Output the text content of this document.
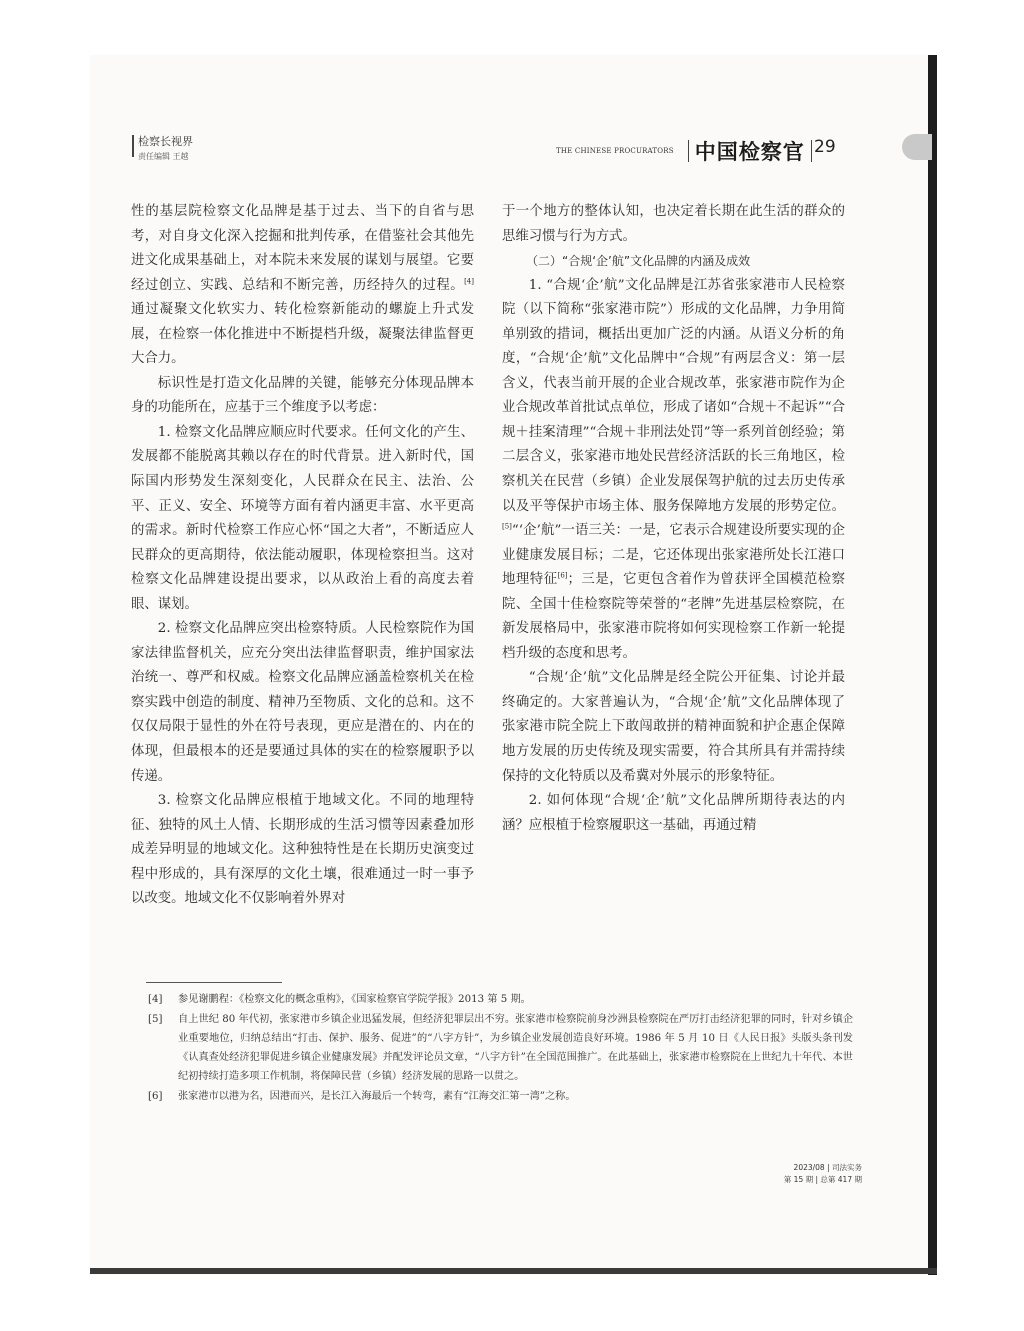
检察长视界
责任编辑 王越
THE CHINESE PROCURATORS 中国检察官 29

性的基层院检察文化品牌是基于过去、当下的自省与思考，对自身文化深入挖掘和批判传承，在借鉴社会其他先进文化成果基础上，对本院未来发展的谋划与展望。它要经过创立、实践、总结和不断完善，历经持久的过程。[4] 通过凝聚文化软实力、转化检察新能动的螺旋上升式发展，在检察一体化推进中不断提档升级，凝聚法律监督更大合力。

标识性是打造文化品牌的关键，能够充分体现品牌本身的功能所在，应基于三个维度予以考虑：

1. 检察文化品牌应顺应时代要求。任何文化的产生、发展都不能脱离其赖以存在的时代背景。进入新时代，国际国内形势发生深刻变化，人民群众在民主、法治、公平、正义、安全、环境等方面有着内涵更丰富、水平更高的需求。新时代检察工作应心怀“国之大者”，不断适应人民群众的更高期待，依法能动履职，体现检察担当。这对检察文化品牌建设提出要求，以从政治上看的高度去着眼、谋划。

2. 检察文化品牌应突出检察特质。人民检察院作为国家法律监督机关，应充分突出法律监督职责，维护国家法治统一、尊严和权威。检察文化品牌应涵盖检察机关在检察实践中创造的制度、精神乃至物质、文化的总和。这不仅仅局限于显性的外在符号表现，更应是潜在的、内在的体现，但最根本的还是要通过具体的实在的检察履职予以传递。

3. 检察文化品牌应根植于地域文化。不同的地理特征、独特的风土人情、长期形成的生活习惯等因素叠加形成差异明显的地域文化。这种独特性是在长期历史演变过程中形成的，具有深厚的文化土壤，很难通过一时一事予以改变。地域文化不仅影响着外界对

于一个地方的整体认知，也决定着长期在此生活的群众的思维习惯与行为方式。

（二）“合规‘企’航”文化品牌的内涵及成效

1. “合规‘企’航”文化品牌是江苏省张家港市人民检察院（以下简称“张家港市院”）形成的文化品牌，力争用简单别致的措词，概括出更加广泛的内涵。从语义分析的角度，“合规‘企’航”文化品牌中“合规”有两层含义：第一层含义，代表当前开展的企业合规改革，张家港市院作为企业合规改革首批试点单位，形成了诸如“合规＋不起诉”“合规＋挂案清理”“合规＋非刑法处罚”等一系列首创经验；第二层含义，张家港市地处民营经济活跃的长三角地区，检察机关在民营（乡镇）企业发展保驾护航的过去历史传承以及平等保护市场主体、服务保障地方发展的形势定位。[5]“‘企’航”一语三关：一是，它表示合规建设所要实现的企业健康发展目标；二是，它还体现出张家港所处长江港口地理特征[6]；三是，它更包含着作为曾获评全国模范检察院、全国十佳检察院等荣誉的“老牌”先进基层检察院，在新发展格局中，张家港市院将如何实现检察工作新一轮提档升级的态度和思考。

“合规‘企’航”文化品牌是经全院公开征集、讨论并最终确定的。大家普遍认为，“合规‘企’航”文化品牌体现了张家港市院全院上下敢闯敢拼的精神面貌和护企惠企保障地方发展的历史传统及现实需要，符合其所具有并需持续保持的文化特质以及希冀对外展示的形象特征。

2. 如何体现“合规‘企’航”文化品牌所期待表达的内涵？应根植于检察履职这一基础，再通过精

[4]	参见谢鹏程：《检察文化的概念重构》，《国家检察官学院学报》2013 第 5 期。
[5]	自上世纪 80 年代初，张家港市乡镇企业迅猛发展，但经济犯罪层出不穷。张家港市检察院前身沙洲县检察院在严厉打击经济犯罪的同时，针对乡镇企业重要地位，归纳总结出“打击、保护、服务、促进”的“八字方针”，为乡镇企业发展创造良好环境。1986 年 5 月 10 日《人民日报》头版头条刊发《认真查处经济犯罪促进乡镇企业健康发展》并配发评论员文章，“八字方针”在全国范围推广。在此基础上，张家港市检察院在上世纪九十年代、本世纪初持续打造多项工作机制，将保障民营（乡镇）经济发展的思路一以贯之。
[6]	张家港市以港为名，因港而兴，是长江入海最后一个转弯，素有“江海交汇第一湾”之称。
2023/08 | 司法实务
第 15 期 | 总第 417 期
